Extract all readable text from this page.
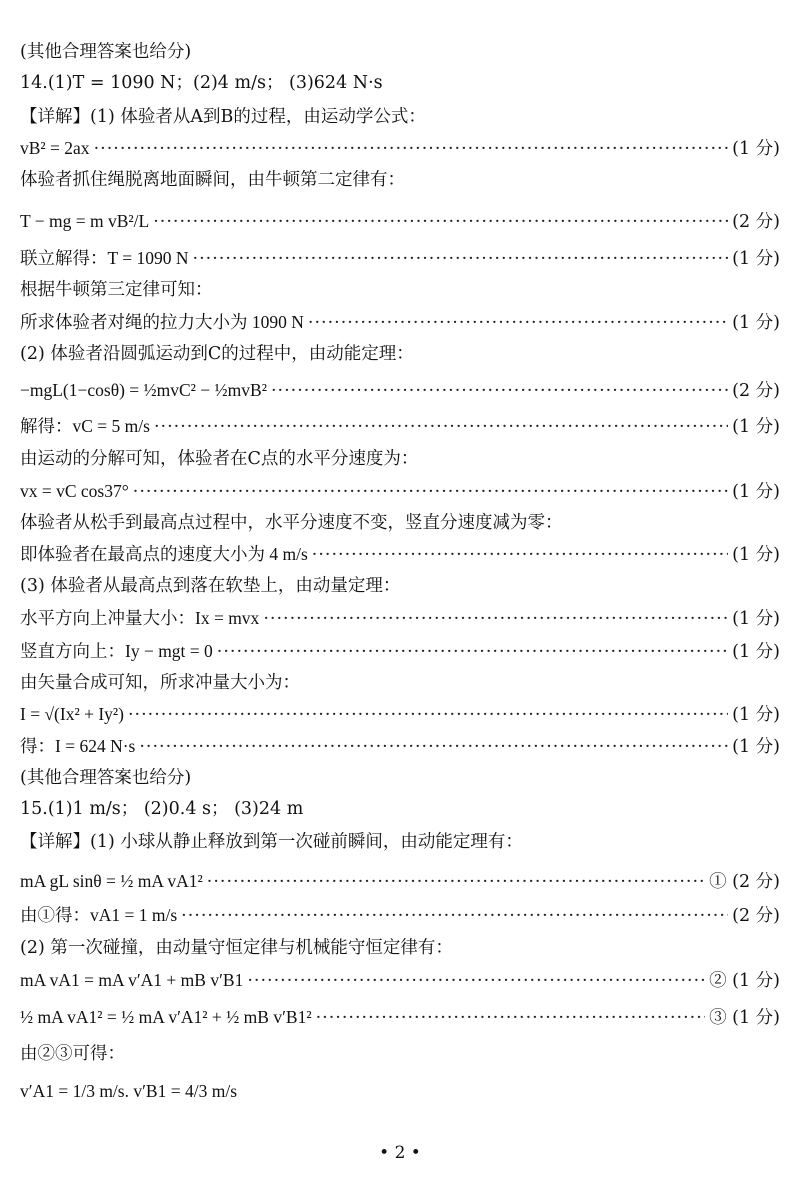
(其他合理答案也给分)
14.(1)T = 1090 N；(2)4 m/s； (3)624 N·s
【详解】(1) 体验者从A到B的过程，由运动学公式：
vB² = 2ax ·····	(1 分)
体验者抓住绳脱离地面瞬间，由牛顿第二定律有：
T − mg = m vB²/L ·····	(2 分)
联立解得：T = 1090 N ·····	(1 分)
根据牛顿第三定律可知：
所求体验者对绳的拉力大小为 1090 N ·····	(1 分)
(2) 体验者沿圆弧运动到C的过程中，由动能定理：
−mgL(1−cosθ) = ½mvC² − ½mvB² ·····	(2 分)
解得：vC = 5 m/s ·····	(1 分)
由运动的分解可知，体验者在C点的水平分速度为：
vx = vC cos37° ·····	(1 分)
体验者从松手到最高点过程中，水平分速度不变，竖直分速度减为零：
即体验者在最高点的速度大小为 4 m/s ·····	(1 分)
(3) 体验者从最高点到落在软垫上，由动量定理：
水平方向上冲量大小：Ix = mvx ·····	(1 分)
竖直方向上：Iy − mgt = 0 ·····	(1 分)
由矢量合成可知，所求冲量大小为：
I = √(Ix² + Iy²) ·····	(1 分)
得：I = 624 N·s ·····	(1 分)
(其他合理答案也给分)
15.(1)1 m/s； (2)0.4 s； (3)24 m
【详解】(1) 小球从静止释放到第一次碰前瞬间，由动能定理有：
mA gL sinθ = ½ mA vA1² ·····	① (2 分)
由①得：vA1 = 1 m/s ·····	(2 分)
(2) 第一次碰撞，由动量守恒定律与机械能守恒定律有：
mA vA1 = mA v′A1 + mB v′B1 ·····	② (1 分)
½ mA vA1² = ½ mA v′A1² + ½ mB v′B1² ·····	③ (1 分)
由②③可得：
v′A1 = 1/3 m/s. v′B1 = 4/3 m/s
• 2 •
